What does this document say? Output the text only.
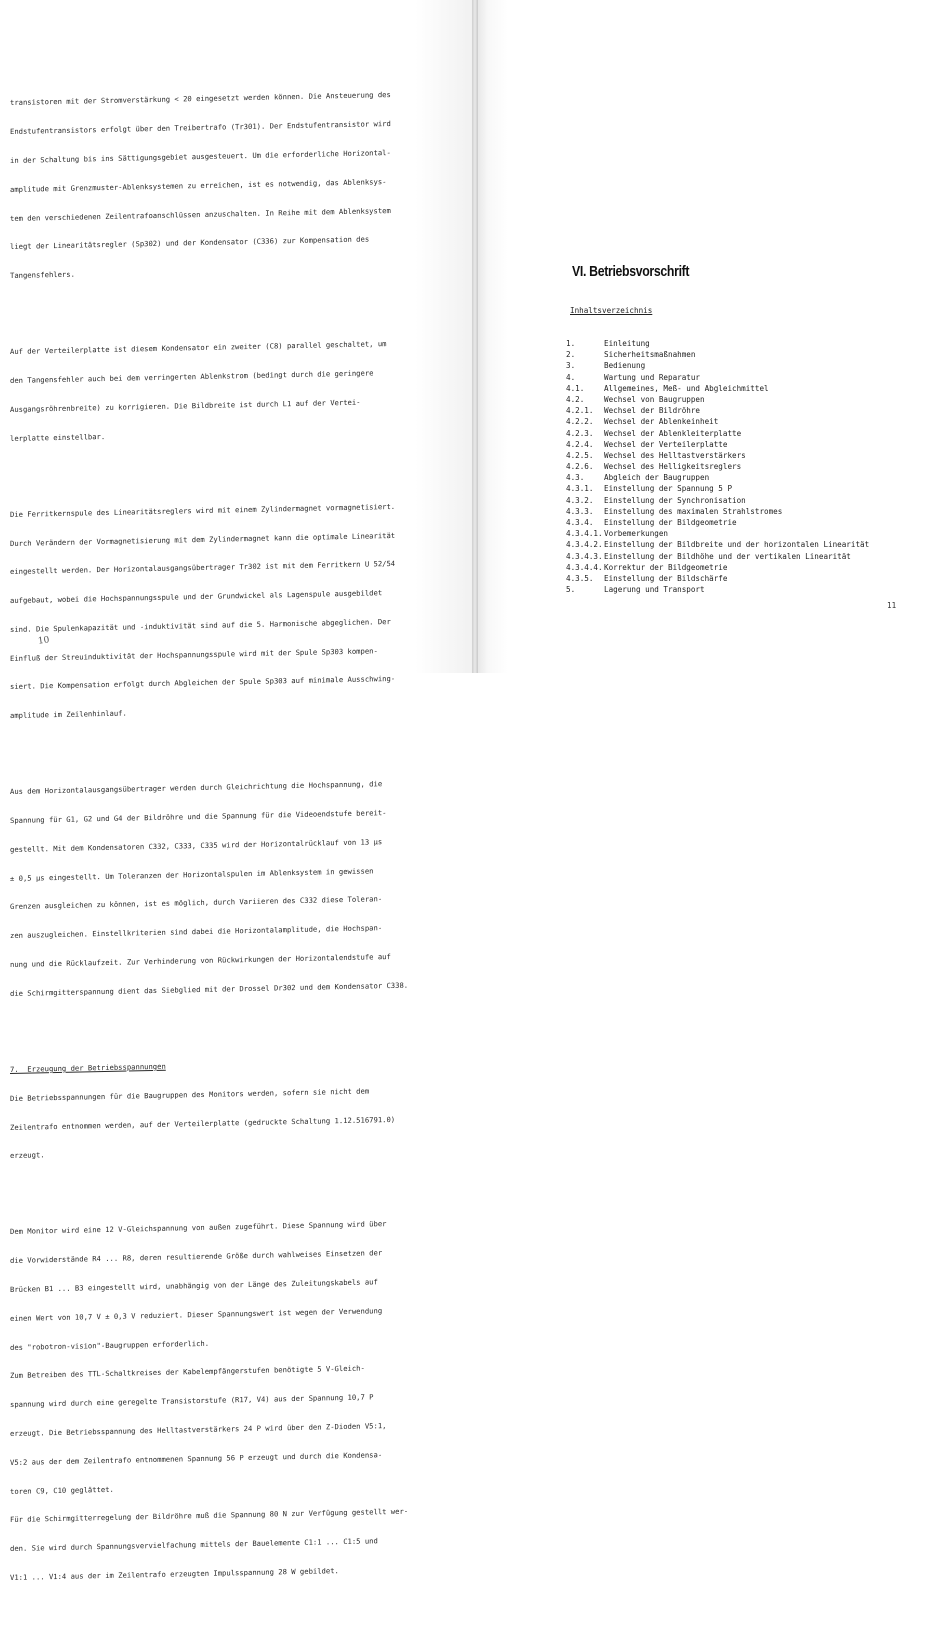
transistoren mit der Stromverstärkung < 20 eingesetzt werden können. Die Ansteuerung des

Endstufentransistors erfolgt über den Treibertrafo (Tr301). Der Endstufentransistor wird

in der Schaltung bis ins Sättigungsgebiet ausgesteuert. Um die erforderliche Horizontal-

amplitude mit Grenzmuster-Ablenksystemen zu erreichen, ist es notwendig, das Ablenksys-

tem den verschiedenen Zeilentrafoanschlüssen anzuschalten. In Reihe mit dem Ablenksystem

liegt der Linearitätsregler (Sp302) und der Kondensator (C336) zur Kompensation des

Tangensfehlers.

Auf der Verteilerplatte ist diesem Kondensator ein zweiter (C8) parallel geschaltet, um

den Tangensfehler auch bei dem verringerten Ablenkstrom (bedingt durch die geringere

Ausgangsröhrenbreite) zu korrigieren. Die Bildbreite ist durch L1 auf der Vertei-

lerplatte einstellbar.

Die Ferritkernspule des Linearitätsreglers wird mit einem Zylindermagnet vormagnetisiert.

Durch Verändern der Vormagnetisierung mit dem Zylindermagnet kann die optimale Linearität

eingestellt werden. Der Horizontalausgangsübertrager Tr302 ist mit dem Ferritkern U 52/54

aufgebaut, wobei die Hochspannungsspule und der Grundwickel als Lagenspule ausgebildet

sind. Die Spulenkapazität und -induktivität sind auf die 5. Harmonische abgeglichen. Der

Einfluß der Streuinduktivität der Hochspannungsspule wird mit der Spule Sp303 kompen-

siert. Die Kompensation erfolgt durch Abgleichen der Spule Sp303 auf minimale Ausschwing-

amplitude im Zeilenhinlauf.

Aus dem Horizontalausgangsübertrager werden durch Gleichrichtung die Hochspannung, die

Spannung für G1, G2 und G4 der Bildröhre und die Spannung für die Videoendstufe bereit-

gestellt. Mit dem Kondensatoren C332, C333, C335 wird der Horizontalrücklauf von 13 µs

± 0,5 µs eingestellt. Um Toleranzen der Horizontalspulen im Ablenksystem in gewissen

Grenzen ausgleichen zu können, ist es möglich, durch Variieren des C332 diese Toleran-

zen auszugleichen. Einstellkriterien sind dabei die Horizontalamplitude, die Hochspan-

nung und die Rücklaufzeit. Zur Verhinderung von Rückwirkungen der Horizontalendstufe auf

die Schirmgitterspannung dient das Siebglied mit der Drossel Dr302 und dem Kondensator C338.

7.  Erzeugung der Betriebsspannungen

Die Betriebsspannungen für die Baugruppen des Monitors werden, sofern sie nicht dem

Zeilentrafo entnommen werden, auf der Verteilerplatte (gedruckte Schaltung 1.12.516791.0)

erzeugt.

Dem Monitor wird eine 12 V-Gleichspannung von außen zugeführt. Diese Spannung wird über

die Vorwiderstände R4 ... R8, deren resultierende Größe durch wahlweises Einsetzen der

Brücken B1 ... B3 eingestellt wird, unabhängig von der Länge des Zuleitungskabels auf

einen Wert von 10,7 V ± 0,3 V reduziert. Dieser Spannungswert ist wegen der Verwendung

des "robotron-vision"-Baugruppen erforderlich.

Zum Betreiben des TTL-Schaltkreises der Kabelempfängerstufen benötigte 5 V-Gleich-

spannung wird durch eine geregelte Transistorstufe (R17, V4) aus der Spannung 10,7 P

erzeugt. Die Betriebsspannung des Helltastverstärkers 24 P wird über den Z-Dioden V5:1,

V5:2 aus der dem Zeilentrafo entnommenen Spannung 56 P erzeugt und durch die Kondensa-

toren C9, C10 geglättet.

Für die Schirmgitterregelung der Bildröhre muß die Spannung 80 N zur Verfügung gestellt wer-

den. Sie wird durch Spannungsvervielfachung mittels der Bauelemente C1:1 ... C1:5 und

V1:1 ... V1:4 aus der im Zeilentrafo erzeugten Impulsspannung 28 W gebildet.

10
VI. Betriebsvorschrift
Inhaltsverzeichnis
1.	Einleitung
2.	Sicherheitsmaßnahmen
3.	Bedienung
4.	Wartung und Reparatur
4.1.	Allgemeines, Meß- und Abgleichmittel
4.2.	Wechsel von Baugruppen
4.2.1.	Wechsel der Bildröhre
4.2.2.	Wechsel der Ablenkeinheit
4.2.3.	Wechsel der Ablenkleiterplatte
4.2.4.	Wechsel der Verteilerplatte
4.2.5.	Wechsel des Helltastverstärkers
4.2.6.	Wechsel des Helligkeitsreglers
4.3.	Abgleich der Baugruppen
4.3.1.	Einstellung der Spannung 5 P
4.3.2.	Einstellung der Synchronisation
4.3.3.	Einstellung des maximalen Strahlstromes
4.3.4.	Einstellung der Bildgeometrie
4.3.4.1. Vorbemerkungen
4.3.4.2. Einstellung der Bildbreite und der horizontalen Linearität
4.3.4.3. Einstellung der Bildhöhe und der vertikalen Linearität
4.3.4.4. Korrektur der Bildgeometrie
4.3.5.	Einstellung der Bildschärfe
5.	Lagerung und Transport
11
